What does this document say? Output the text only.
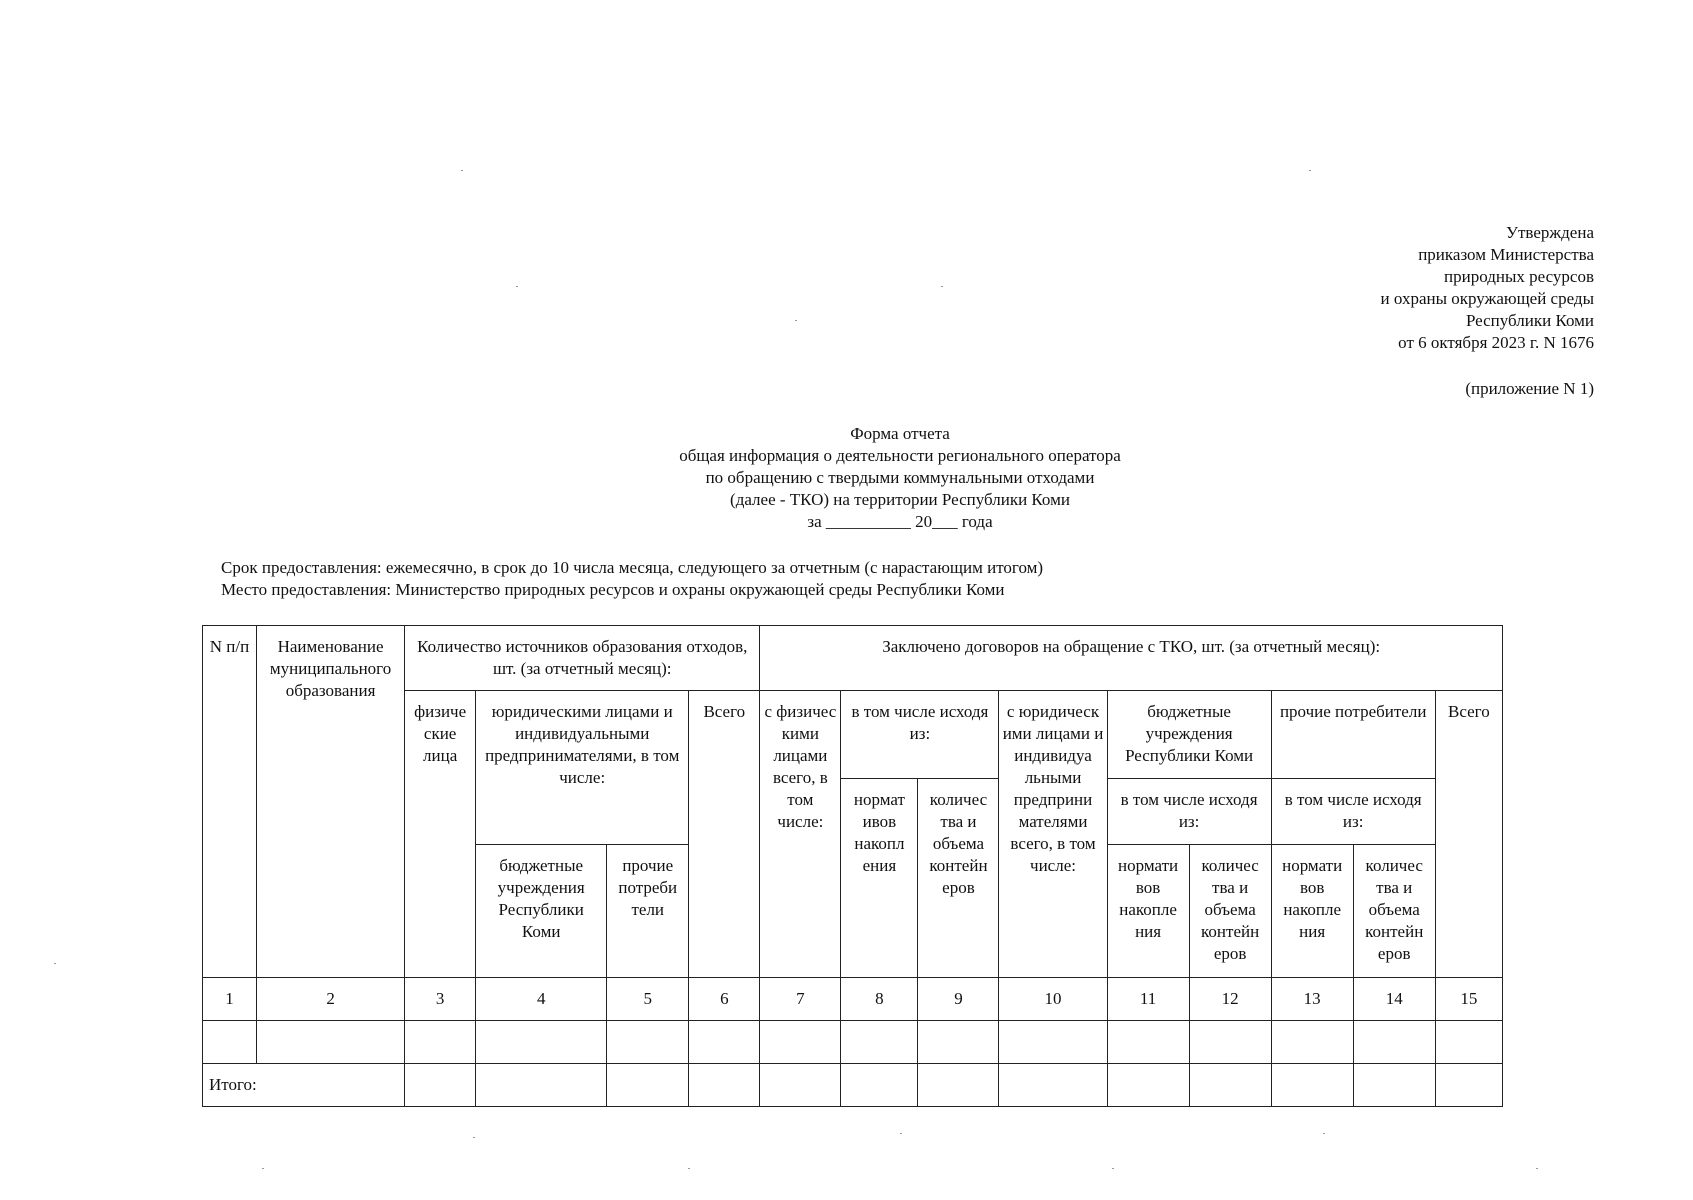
Утверждена
приказом Министерства
природных ресурсов
и охраны окружающей среды
Республики Коми
от 6 октября 2023 г. N 1676
(приложение N 1)
Форма отчета
общая информация о деятельности регионального оператора
по обращению с твердыми коммунальными отходами
(далее - ТКО) на территории Республики Коми
за __________ 20___ года
Срок предоставления: ежемесячно, в срок до 10 числа месяца, следующего за отчетным (с нарастающим итогом)
Место предоставления: Министерство природных ресурсов и охраны окружающей среды Республики Коми
N п/п	Наименование муниципального образования	Количество источников образования отходов, шт. (за отчетный месяц):				Заключено договоров на обращение с ТКО, шт. (за отчетный месяц):								
		физиче ские лица	юридическими лицами и индивидуальными предпринимателями, в том числе:		Всего	с физичес кими лицами всего, в том числе:	в том числе исходя из:		с юридическ ими лицами и индивидуа льными предприни мателями всего, в том числе:	бюджетные учреждения Республики Коми		прочие потребители		Всего
							нормат ивов накопл ения	количес тва и объема контейн еров		в том числе исходя из:		в том числе исходя из:		
			бюджетные учреждения Республики Коми	прочие потреби тели						нормати вов накопле ния	количес тва и объема контейн еров	нормати вов накопле ния	количес тва и объема контейн еров	
1	2	3	4	5	6	7	8	9	10	11	12	13	14	15

Итого:														
